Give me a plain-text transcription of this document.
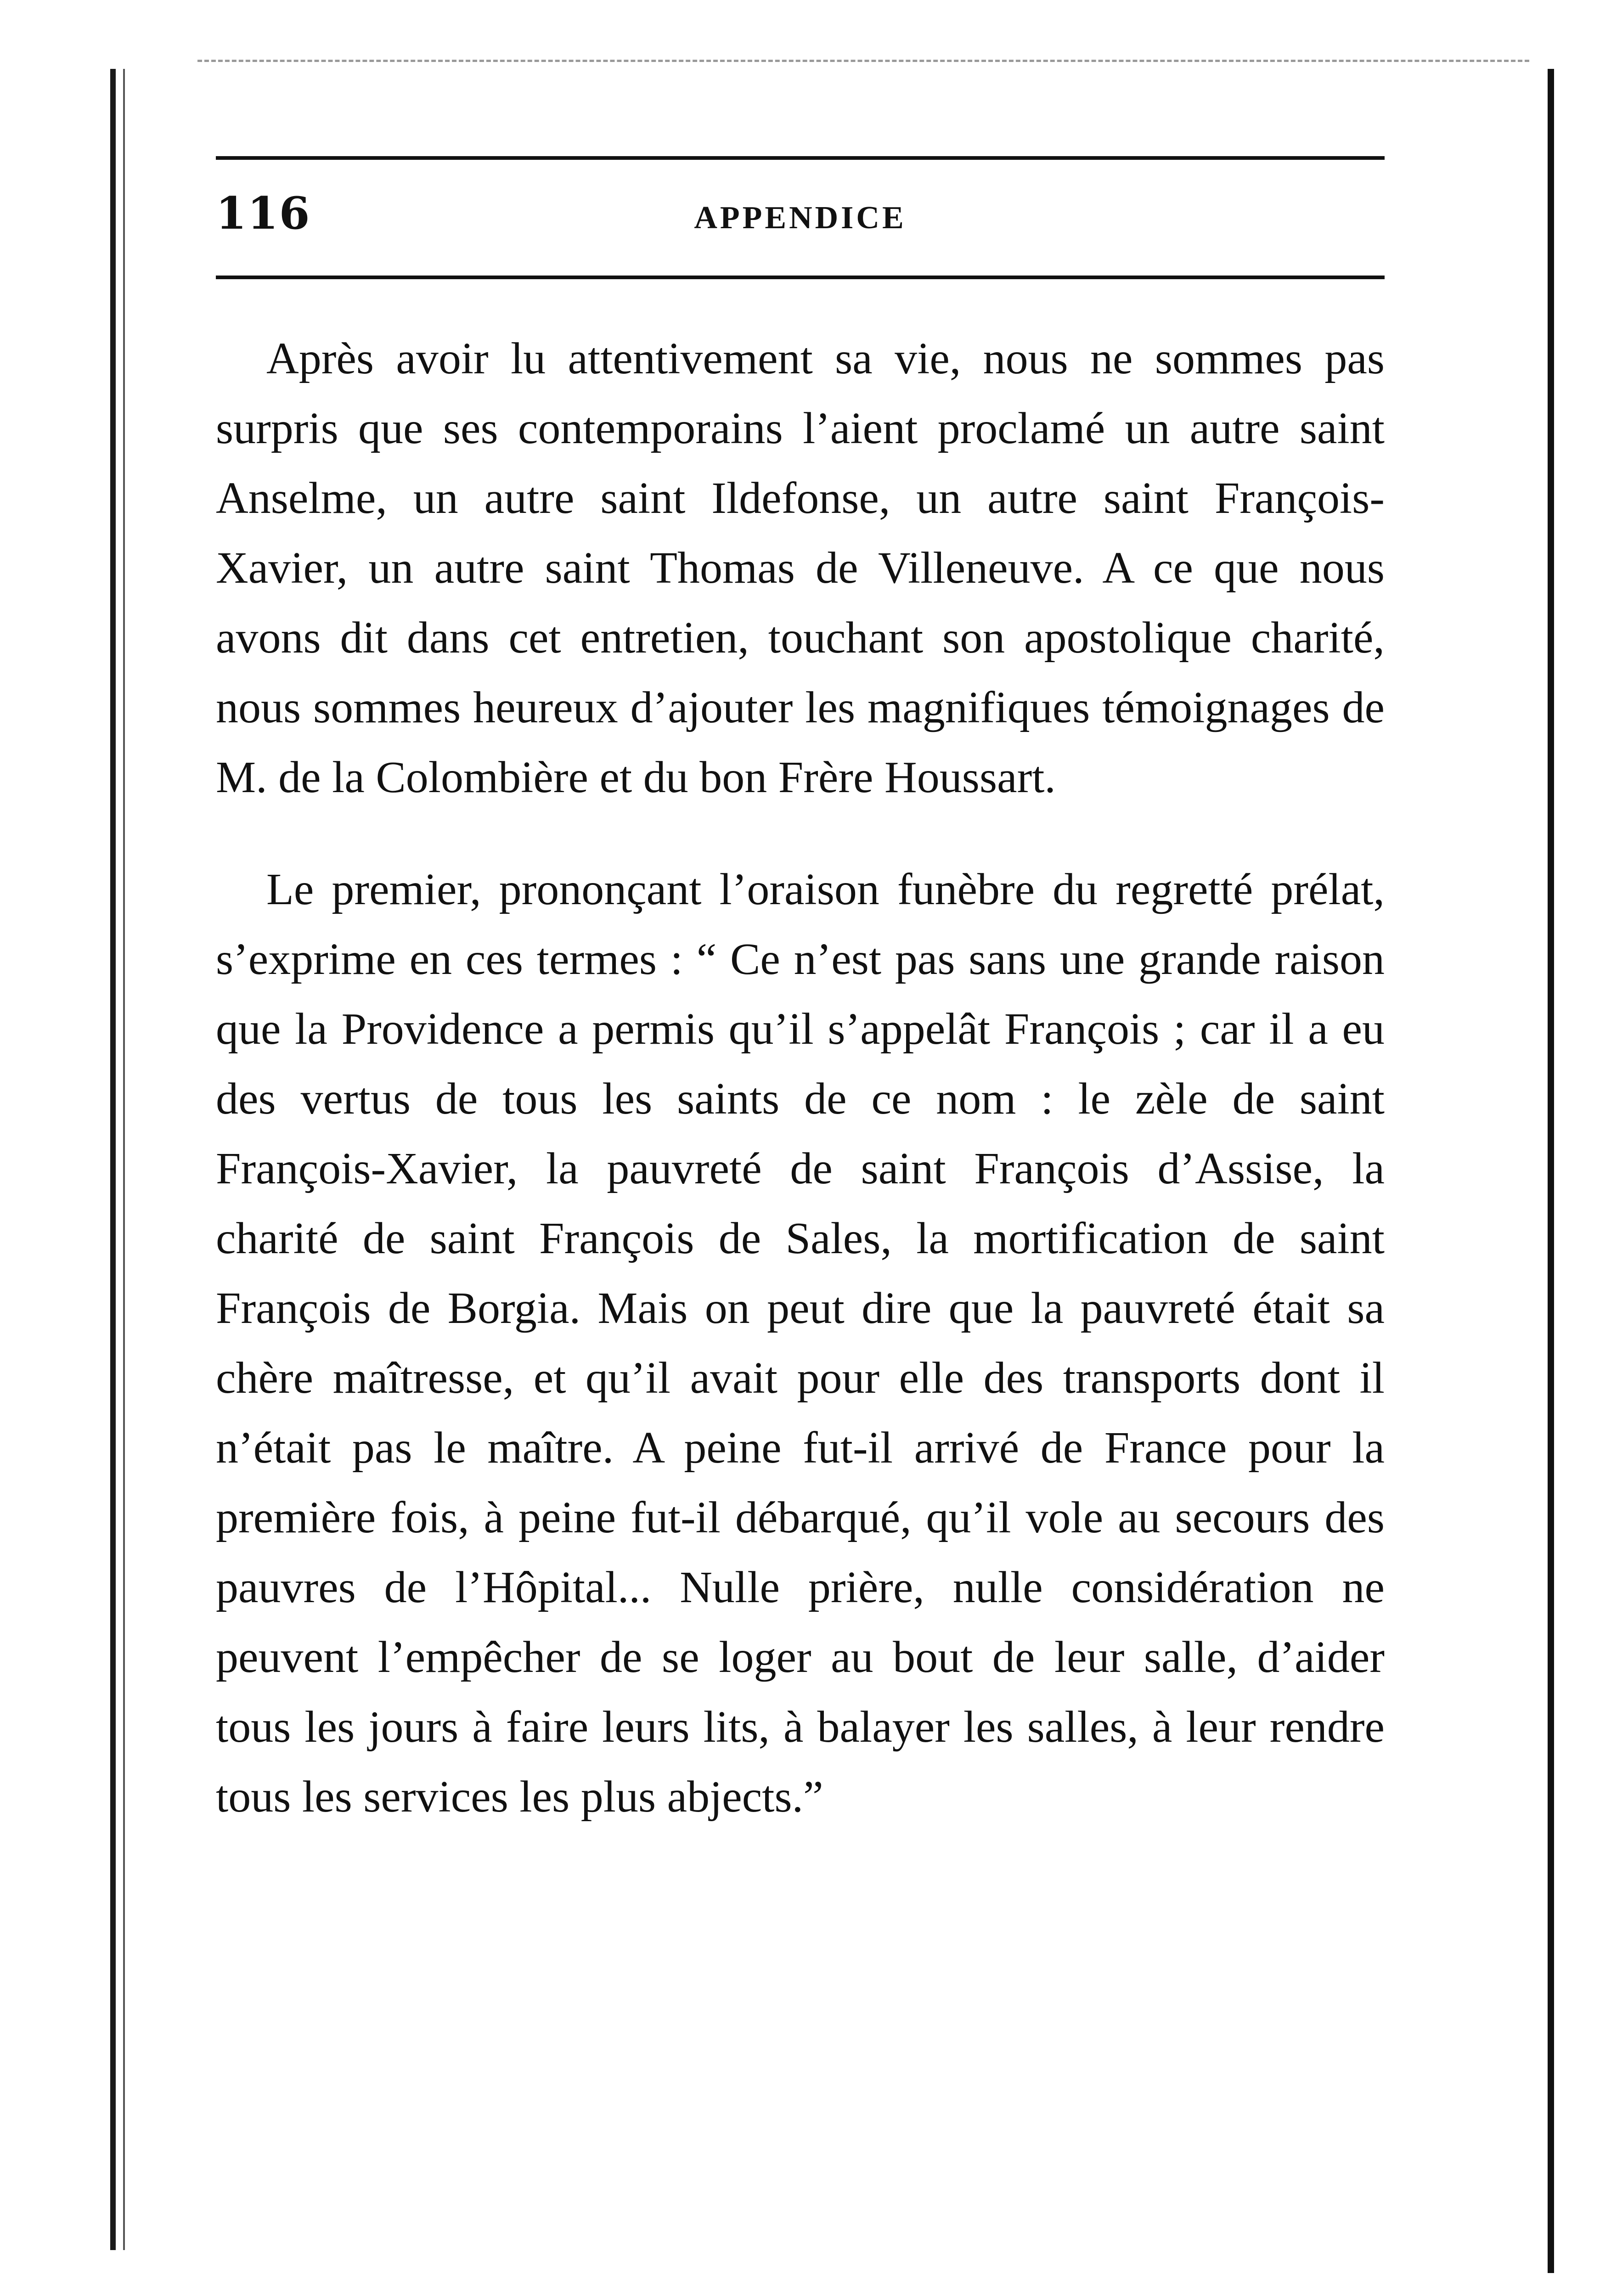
116	APPENDICE

Après avoir lu attentivement sa vie, nous ne sommes pas surpris que ses contemporains l’aient proclamé un autre saint Anselme, un autre saint Ildefonse, un autre saint François-Xavier, un autre saint Thomas de Villeneuve. A ce que nous avons dit dans cet entretien, touchant son apostolique charité, nous sommes heureux d’ajouter les magnifiques témoignages de M. de la Colombière et du bon Frère Houssart.

Le premier, prononçant l’oraison funèbre du regretté prélat, s’exprime en ces termes : “ Ce n’est pas sans une grande raison que la Providence a permis qu’il s’appelât François ; car il a eu des vertus de tous les saints de ce nom : le zèle de saint François-Xavier, la pauvreté de saint François d’Assise, la charité de saint François de Sales, la mortification de saint François de Borgia. Mais on peut dire que la pauvreté était sa chère maîtresse, et qu’il avait pour elle des transports dont il n’était pas le maître. A peine fut-il arrivé de France pour la première fois, à peine fut-il débarqué, qu’il vole au secours des pauvres de l’Hôpital... Nulle prière, nulle considération ne peuvent l’empêcher de se loger au bout de leur salle, d’aider tous les jours à faire leurs lits, à balayer les salles, à leur rendre tous les services les plus abjects.”
